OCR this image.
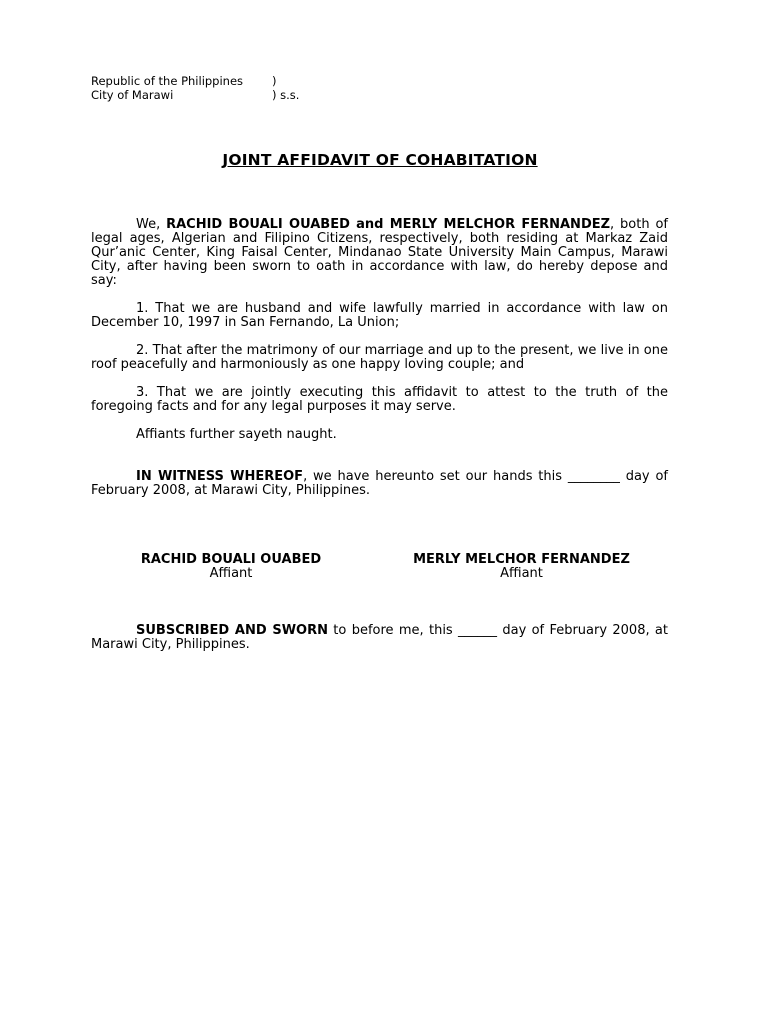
Republic of the Philippines	)
City of Marawi	) s.s.
JOINT AFFIDAVIT OF COHABITATION
We, RACHID BOUALI OUABED and MERLY MELCHOR FERNANDEZ, both of legal ages, Algerian and Filipino Citizens, respectively, both residing at Markaz Zaid Qur’anic Center, King Faisal Center, Mindanao State University Main Campus, Marawi City, after having been sworn to oath in accordance with law, do hereby depose and say:
1. That we are husband and wife lawfully married in accordance with law on December 10, 1997 in San Fernando, La Union;
2. That after the matrimony of our marriage and up to the present, we live in one roof peacefully and harmoniously as one happy loving couple; and
3. That we are jointly executing this affidavit to attest to the truth of the foregoing facts and for any legal purposes it may serve.
Affiants further sayeth naught.
IN WITNESS WHEREOF, we have hereunto set our hands this ________ day of February 2008, at Marawi City, Philippines.
RACHID BOUALI OUABED
Affiant
MERLY MELCHOR FERNANDEZ
Affiant
SUBSCRIBED AND SWORN to before me, this ______ day of February 2008, at Marawi City, Philippines.
